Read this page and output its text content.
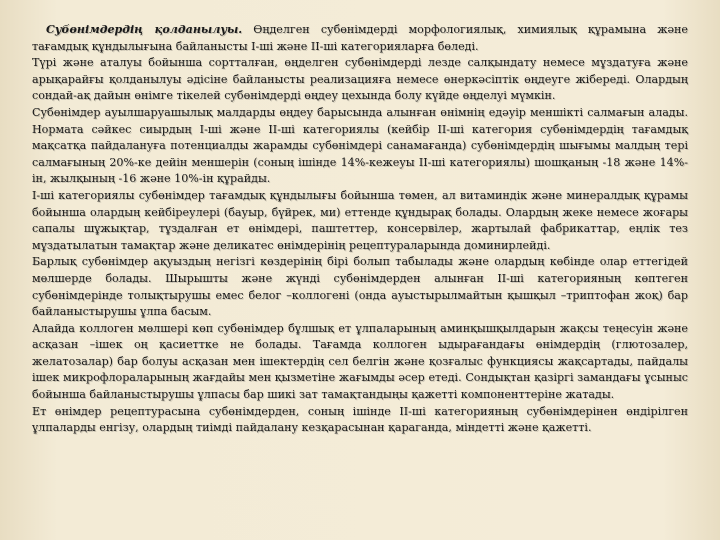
Субөнімдердің қолданылуы. Өңделген субөнімдерді морфологиялық, химиялық құрамына және тағамдық құндылығына байланысты I-ші және II-ші категорияларға бөледі.

Түрі және аталуы бойынша сортталған, өңделген субөнімдерді лезде салқындату немесе мұздатуға және арықарайғы қолданылуы әдісіне байланысты реализацияға немесе өнеркәсіптік өңдеуге жібереді. Олардың сондай-ақ дайын өнімге тікелей субөнімдерді өңдеу цехында болу күйде өңделуі мүмкін.

Субөнімдер ауылшаруашылық малдарды өңдеу барысында алынған өнімнің едәуір меншікті салмағын алады. Нормата сәйкес сиырдың I-ші және II-ші категориялы (кейбір II-ші категория субөнімдердің тағамдық мақсатқа пайдалануға потенциалды жарамды субөнімдері санамағанда) субөнімдердің шығымы малдың тері салмағының 20%-ке дейін меншерін (соның ішінде 14%-кежеуы II-ші категориялы) шошқаның -18 және 14%-ін, жылқының -16 және 10%-ін құрайды.

I-ші категориялы субөнімдер тағамдық құндылығы бойынша төмен, ал витаминдік және минералдық құрамы бойынша олардың кейбірeулері (бауыр, бүйрек, ми) еттенде құндырақ болады. Олардың жеке немесе жоғары сапалы шұжықтар, тұздалған ет өнімдері, паштеттер, консервілер, жартылай фабрикаттар, еңлік тез мұздатылатын тамақтар және деликатес өнімдерінің рецептураларында доминирлейді.

Барлық субөнімдер ақуыздың негізгі көздерінің бірі болып табылады және олардың көбінде олар еттегідей мөлшерде болады. Шырышты және жүнді субөнімдерден алынған II-ші категорияның көптеген субөнімдерінде толықтырушы емес белог –коллогені (онда ауыстырылмайтын қышқыл –триптофан жоқ) бар байланыстырушы ұлпа басым.

Алайда коллоген мөлшері көп субөнімдер бұлшық ет ұлпаларының аминқышқылдарын жақсы теңесуін және асқазан –ішек оң қасиеттке не болады. Тағамда коллоген ыдырағандағы өнімдердің (глютозалер, желатозалар) бар болуы асқазан мен ішектердің сел белгін және қозғалыс функциясы жақсартады, пайдалы ішек микрофлораларының жағдайы мен қызметіне жағымды әсер етеді. Сондықтан қазіргі замандағы ұсыныс бойынша байланыстырушы ұлпасы бар шикі зат тамақтандыңы қажетті компоненттеріне жатады.

Ет өнімдер рецептурасына субөнімдерден, соның ішінде II-ші категорияның субөнімдерінен өндірілген ұлпаларды енгізу, олардың тиімді пайдалану кезқарасынан қараганда, міндетті және қажетті.
